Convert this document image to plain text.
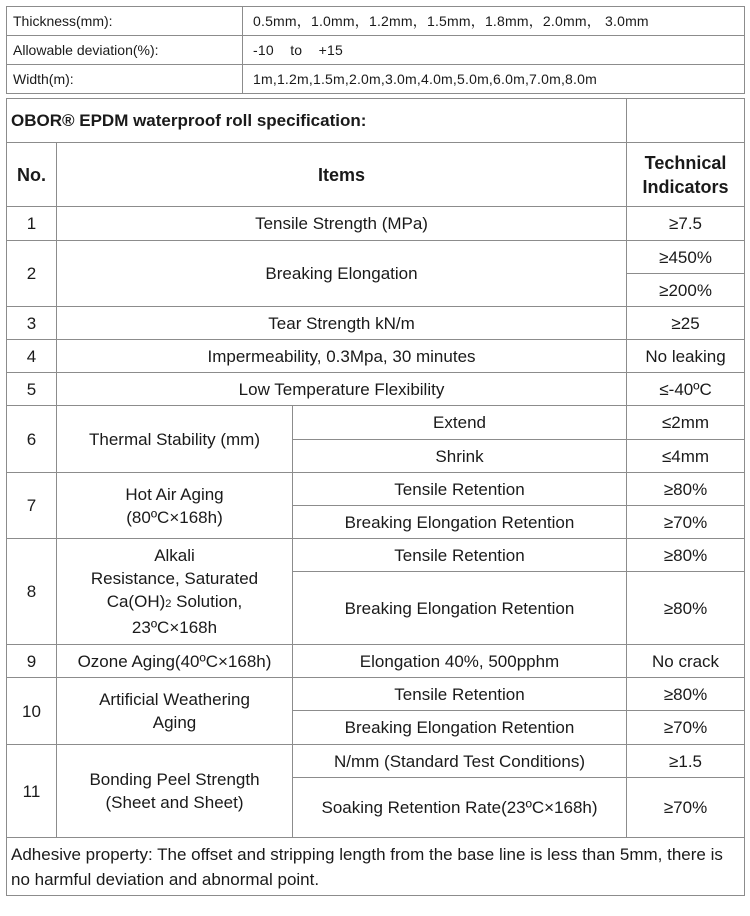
Thickness(mm):	0.5mm，1.0mm，1.2mm，1.5mm，1.8mm，2.0mm， 3.0mm
Allowable deviation(%):	-10    to    +15
Width(m):	1m,1.2m,1.5m,2.0m,3.0m,4.0m,5.0m,6.0m,7.0m,8.0m
OBOR® EPDM waterproof roll specification:			
No.	Items		Technical Indicators
1	Tensile Strength (MPa)		≥7.5
2	Breaking Elongation		≥450%
			≥200%
3	Tear Strength kN/m		≥25
4	Impermeability, 0.3Mpa, 30 minutes		No leaking
5	Low Temperature Flexibility		≤-40ºC
6	Thermal Stability (mm)	Extend	≤2mm
		Shrink	≤4mm
7	Hot Air Aging
(80ºC×168h)	Tensile Retention	≥80%
		Breaking Elongation Retention	≥70%
8	Alkali
Resistance, Saturated
Ca(OH)2 Solution,
23ºC×168h	Tensile Retention	≥80%
		Breaking Elongation Retention	≥80%
9	Ozone Aging(40ºC×168h)	Elongation 40%, 500pphm	No crack
10	Artificial Weathering
Aging	Tensile Retention	≥80%
		Breaking Elongation Retention	≥70%
11	Bonding Peel Strength
(Sheet and Sheet)	N/mm (Standard Test Conditions)	≥1.5
		Soaking Retention Rate(23ºC×168h)	≥70%
Adhesive property: The offset and stripping length from the base line is less than 5mm, there is no harmful deviation and abnormal point.			
